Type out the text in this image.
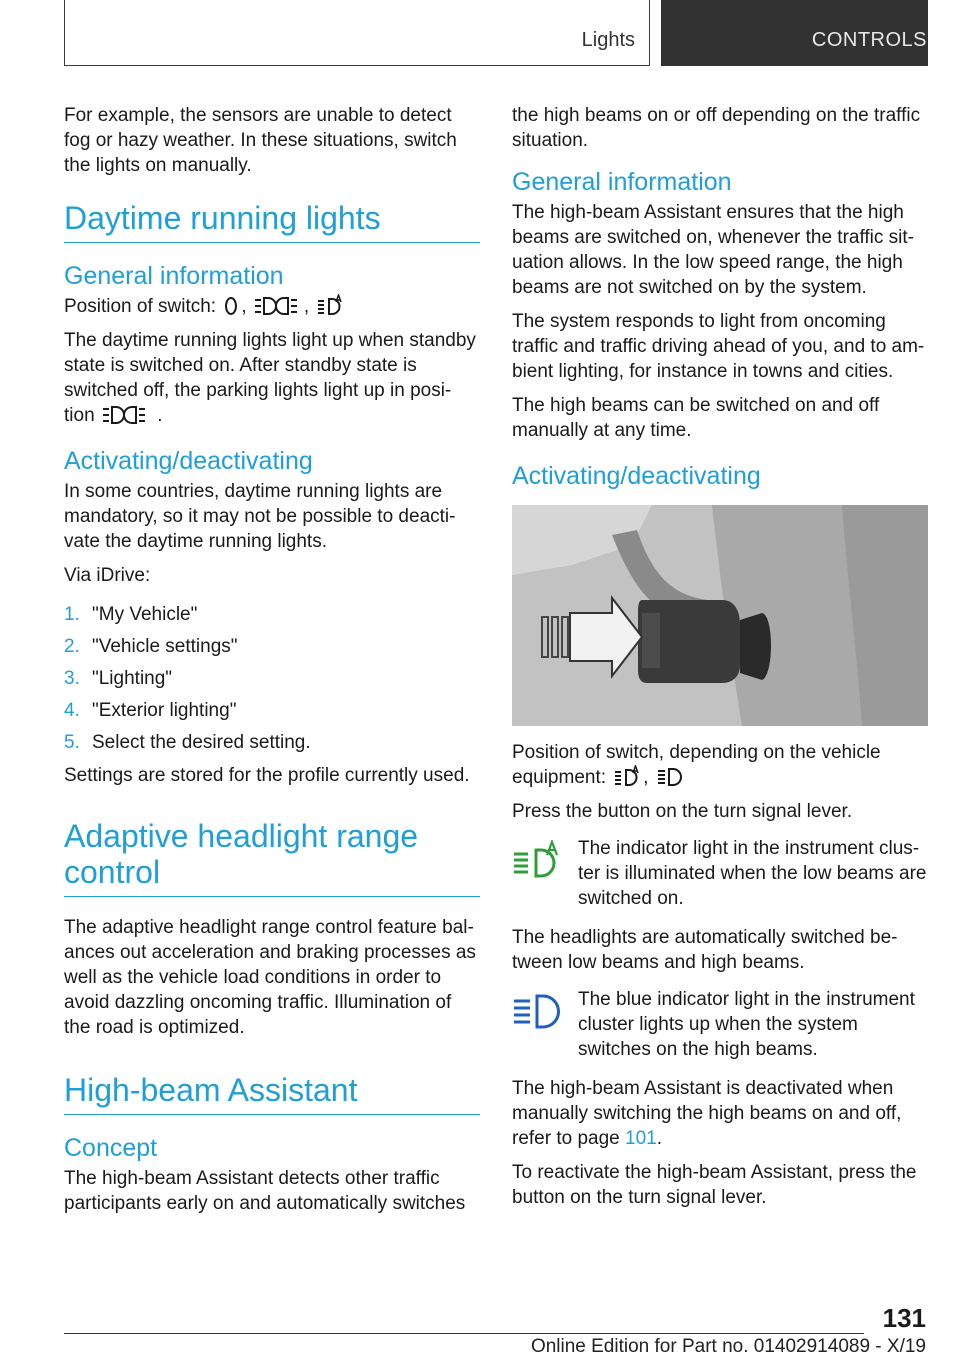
Lights	CONTROLS

For example, the sensors are unable to detect fog or hazy weather. In these situations, switch the lights on manually.

Daytime running lights
General information

Position of switch: ,	,

The daytime running lights light up when standby state is switched on. After standby state is switched off, the parking lights light up in posi-tion	.

Activating/deactivating

In some countries, daytime running lights are mandatory, so it may not be possible to deacti-vate the daytime running lights.

Via iDrive:

1. "My Vehicle"
2. "Vehicle settings"
3. "Lighting"
4. "Exterior lighting"
5. Select the desired setting.

Settings are stored for the profile currently used.

Adaptive headlight range control

The adaptive headlight range control feature bal-ances out acceleration and braking processes as well as the vehicle load conditions in order to avoid dazzling oncoming traffic. Illumination of the road is optimized.

High-beam Assistant
Concept

The high-beam Assistant detects other traffic participants early on and automatically switches

the high beams on or off depending on the traffic situation.

General information

The high-beam Assistant ensures that the high beams are switched on, whenever the traffic sit-uation allows. In the low speed range, the high beams are not switched on by the system.

The system responds to light from oncoming traffic and traffic driving ahead of you, and to am-bient lighting, for instance in towns and cities.

The high beams can be switched on and off manually at any time.

Activating/deactivating

Position of switch, depending on the vehicle equipment: ,

Press the button on the turn signal lever.

The indicator light in the instrument clus-ter is illuminated when the low beams are switched on.

The headlights are automatically switched be-tween low beams and high beams.

The blue indicator light in the instrument cluster lights up when the system switches on the high beams.

The high-beam Assistant is deactivated when manually switching the high beams on and off, refer to page 101.

To reactivate the high-beam Assistant, press the button on the turn signal lever.

131
Online Edition for Part no. 01402914089 - X/19
